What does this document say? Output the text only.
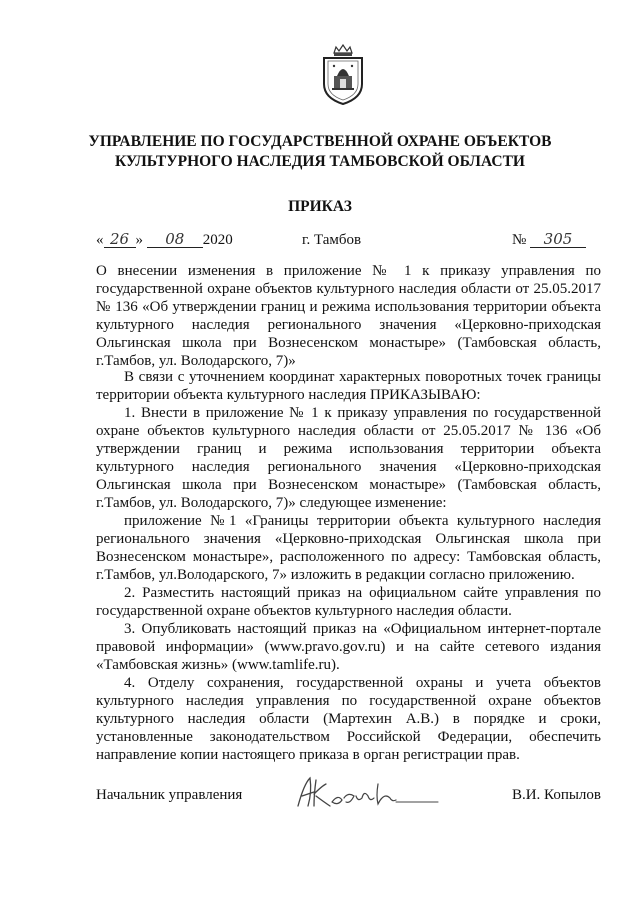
УПРАВЛЕНИЕ ПО ГОСУДАРСТВЕННОЙ ОХРАНЕ ОБЪЕКТОВ
КУЛЬТУРНОГО НАСЛЕДИЯ ТАМБОВСКОЙ ОБЛАСТИ
ПРИКАЗ
« 26 » 08 2020	г. Тамбов	№ 305
О внесении изменения в приложение № 1 к приказу управления по государственной охране объектов культурного наследия области от 25.05.2017 № 136 «Об утверждении границ и режима использования территории объекта культурного наследия регионального значения «Церковно-приходская Ольгинская школа при Вознесенском монастыре» (Тамбовская область, г.Тамбов, ул. Володарского, 7)»

В связи с уточнением координат характерных поворотных точек границы территории объекта культурного наследия ПРИКАЗЫВАЮ:

1. Внести в приложение № 1 к приказу управления по государственной охране объектов культурного наследия области от 25.05.2017 № 136 «Об утверждении границ и режима использования территории объекта культурного наследия регионального значения «Церковно-приходская Ольгинская школа при Вознесенском монастыре» (Тамбовская область, г.Тамбов, ул. Володарского, 7)» следующее изменение:

приложение №1 «Границы территории объекта культурного наследия регионального значения «Церковно-приходская Ольгинская школа при Вознесенском монастыре», расположенного по адресу: Тамбовская область, г.Тамбов, ул.Володарского, 7» изложить в редакции согласно приложению.

2. Разместить настоящий приказ на официальном сайте управления по государственной охране объектов культурного наследия области.

3. Опубликовать настоящий приказ на «Официальном интернет-портале правовой информации» (www.pravo.gov.ru) и на сайте сетевого издания «Тамбовская жизнь» (www.tamlife.ru).

4. Отделу сохранения, государственной охраны и учета объектов культурного наследия управления по государственной охране объектов культурного наследия области (Мартехин А.В.) в порядке и сроки, установленные законодательством Российской Федерации, обеспечить направление копии настоящего приказа в орган регистрации прав.

Начальник управления	В.И. Копылов
